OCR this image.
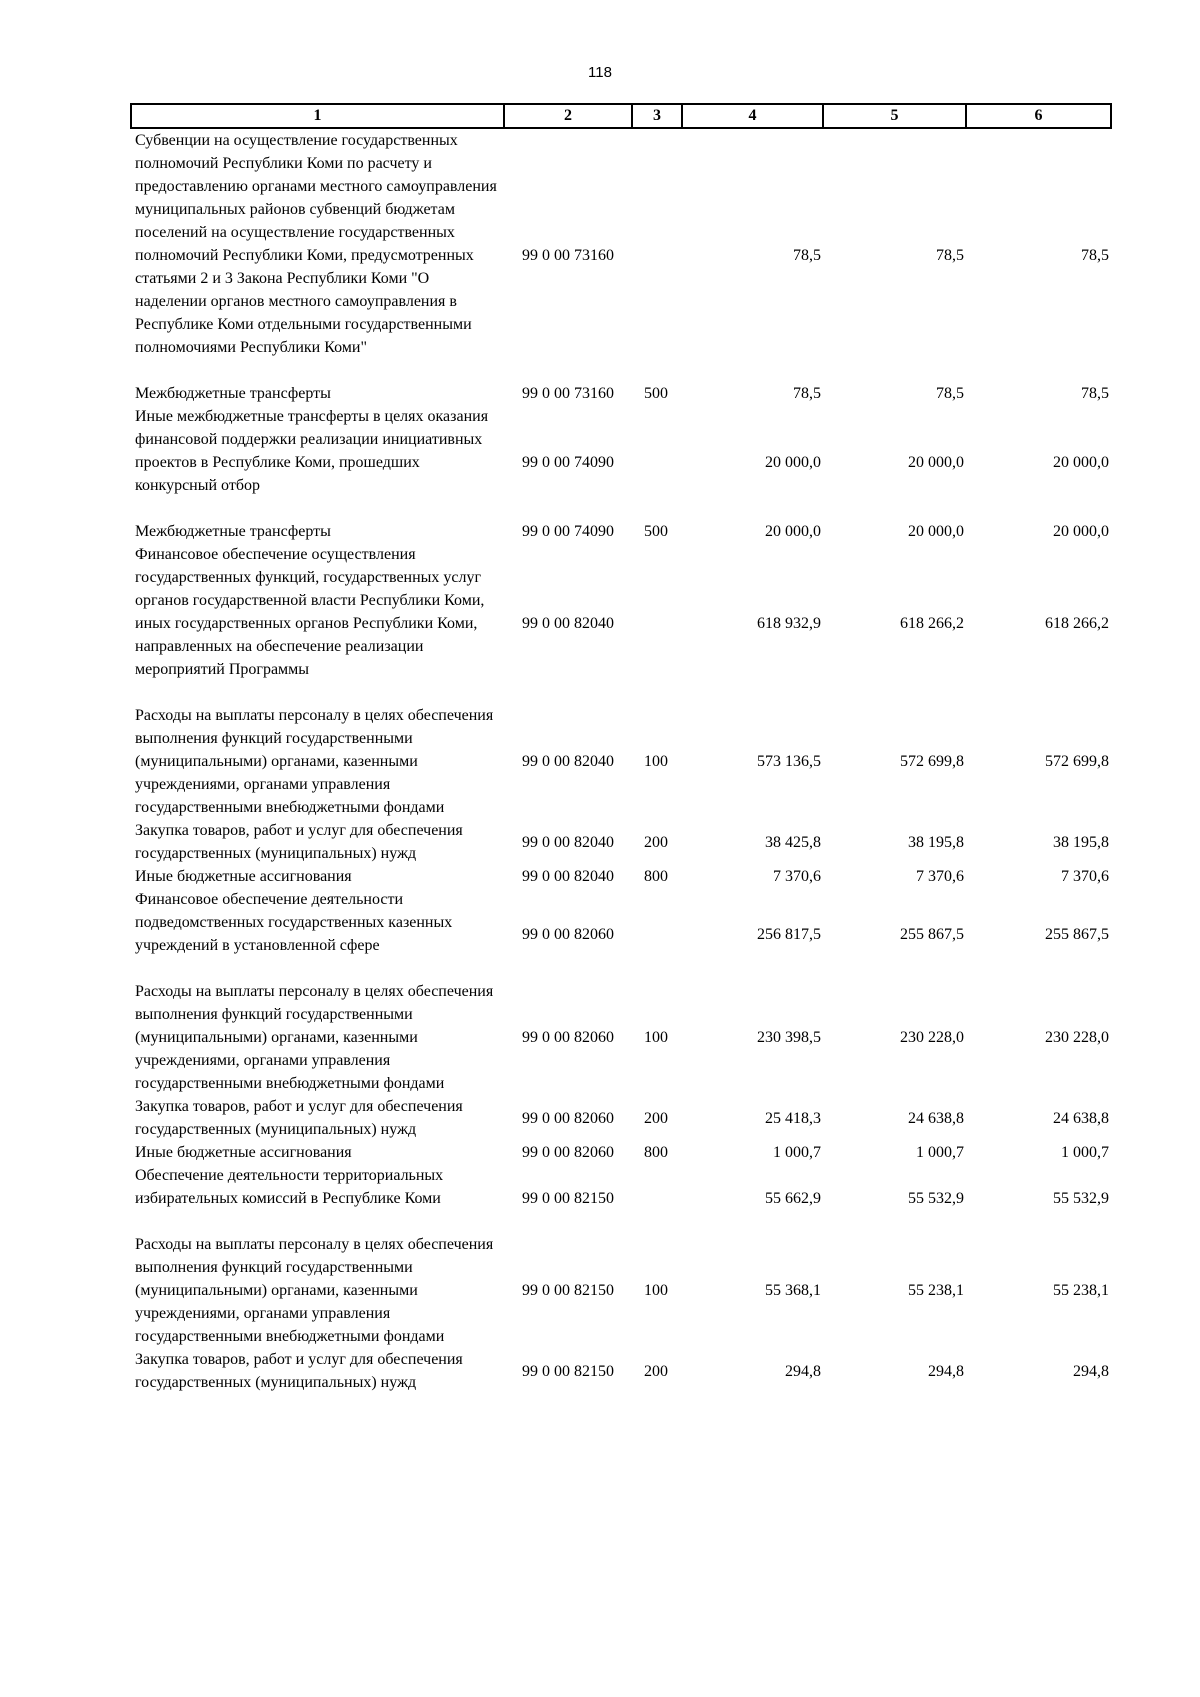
118
1	2	3	4	5	6
Субвенции на осуществление государственных полномочий Республики Коми по расчету и предоставлению органами местного самоуправления муниципальных районов субвенций бюджетам поселений на осуществление государственных полномочий Республики Коми, предусмотренных статьями 2 и 3 Закона Республики Коми "О наделении органов местного самоуправления в Республике Коми отдельными государственными полномочиями Республики Коми"	99 0 00 73160		78,5	78,5	78,5
Межбюджетные трансферты	99 0 00 73160	500	78,5	78,5	78,5
Иные межбюджетные трансферты в целях оказания финансовой поддержки реализации инициативных проектов в Республике Коми, прошедших конкурсный отбор	99 0 00 74090		20 000,0	20 000,0	20 000,0
Межбюджетные трансферты	99 0 00 74090	500	20 000,0	20 000,0	20 000,0
Финансовое обеспечение осуществления государственных функций, государственных услуг органов государственной власти Республики Коми, иных государственных органов Республики Коми, направленных на обеспечение реализации мероприятий Программы	99 0 00 82040		618 932,9	618 266,2	618 266,2
Расходы на выплаты персоналу в целях обеспечения выполнения функций государственными (муниципальными) органами, казенными учреждениями, органами управления государственными внебюджетными фондами	99 0 00 82040	100	573 136,5	572 699,8	572 699,8
Закупка товаров, работ и услуг для обеспечения государственных (муниципальных) нужд	99 0 00 82040	200	38 425,8	38 195,8	38 195,8
Иные бюджетные ассигнования	99 0 00 82040	800	7 370,6	7 370,6	7 370,6
Финансовое обеспечение деятельности подведомственных государственных казенных учреждений в установленной сфере	99 0 00 82060		256 817,5	255 867,5	255 867,5
Расходы на выплаты персоналу в целях обеспечения выполнения функций государственными (муниципальными) органами, казенными учреждениями, органами управления государственными внебюджетными фондами	99 0 00 82060	100	230 398,5	230 228,0	230 228,0
Закупка товаров, работ и услуг для обеспечения государственных (муниципальных) нужд	99 0 00 82060	200	25 418,3	24 638,8	24 638,8
Иные бюджетные ассигнования	99 0 00 82060	800	1 000,7	1 000,7	1 000,7
Обеспечение деятельности территориальных избирательных комиссий в Республике Коми	99 0 00 82150		55 662,9	55 532,9	55 532,9
Расходы на выплаты персоналу в целях обеспечения выполнения функций государственными (муниципальными) органами, казенными учреждениями, органами управления государственными внебюджетными фондами	99 0 00 82150	100	55 368,1	55 238,1	55 238,1
Закупка товаров, работ и услуг для обеспечения государственных (муниципальных) нужд	99 0 00 82150	200	294,8	294,8	294,8
